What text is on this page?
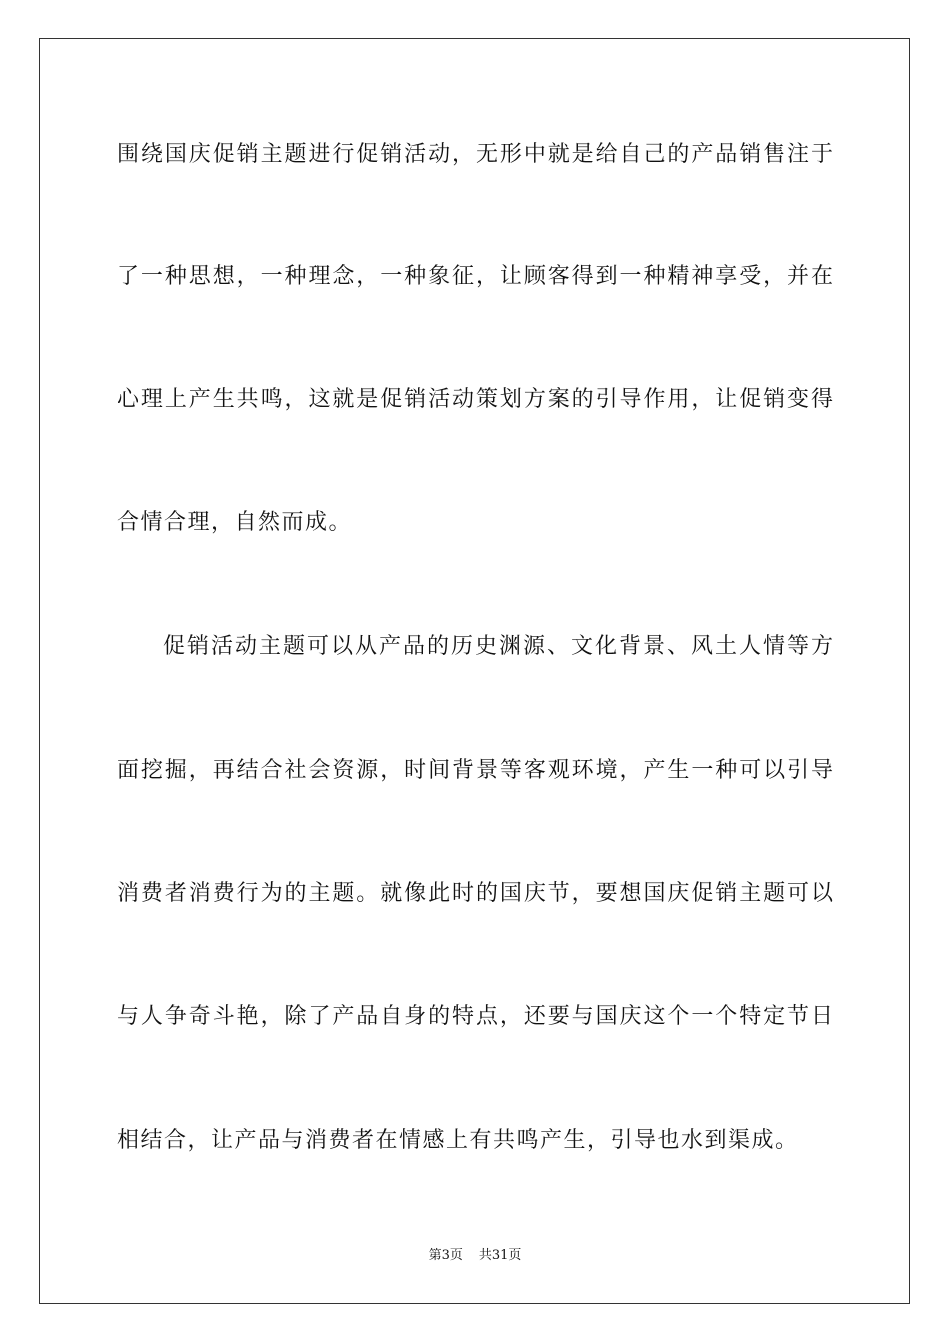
围绕国庆促销主题进行促销活动，无形中就是给自己的产品销售注于
了一种思想，一种理念，一种象征，让顾客得到一种精神享受，并在
心理上产生共鸣，这就是促销活动策划方案的引导作用，让促销变得
合情合理，自然而成。
促销活动主题可以从产品的历史渊源、文化背景、风土人情等方
面挖掘，再结合社会资源，时间背景等客观环境，产生一种可以引导
消费者消费行为的主题。就像此时的国庆节，要想国庆促销主题可以
与人争奇斗艳，除了产品自身的特点，还要与国庆这个一个特定节日
相结合，让产品与消费者在情感上有共鸣产生，引导也水到渠成。
第3页 共31页
